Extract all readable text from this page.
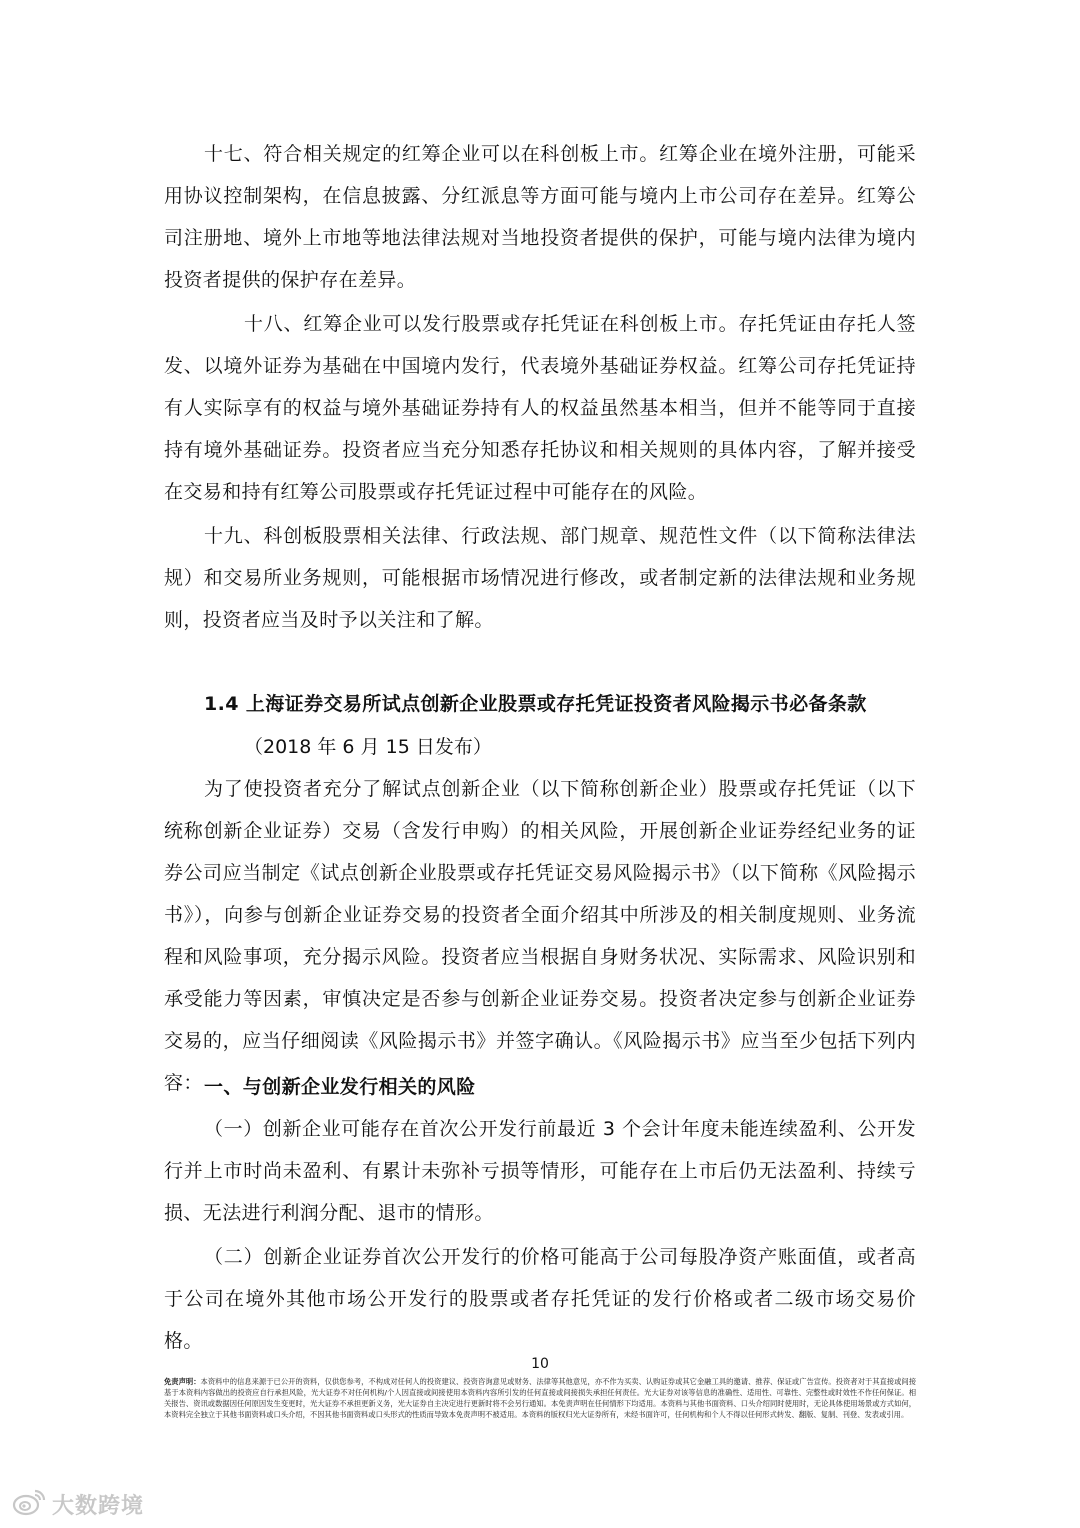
十七、符合相关规定的红筹企业可以在科创板上市。红筹企业在境外注册，可能采用协议控制架构，在信息披露、分红派息等方面可能与境内上市公司存在差异。红筹公司注册地、境外上市地等地法律法规对当地投资者提供的保护，可能与境内法律为境内投资者提供的保护存在差异。

十八、红筹企业可以发行股票或存托凭证在科创板上市。存托凭证由存托人签发、以境外证券为基础在中国境内发行，代表境外基础证券权益。红筹公司存托凭证持有人实际享有的权益与境外基础证券持有人的权益虽然基本相当，但并不能等同于直接持有境外基础证券。投资者应当充分知悉存托协议和相关规则的具体内容，了解并接受在交易和持有红筹公司股票或存托凭证过程中可能存在的风险。

十九、科创板股票相关法律、行政法规、部门规章、规范性文件（以下简称法律法规）和交易所业务规则，可能根据市场情况进行修改，或者制定新的法律法规和业务规则，投资者应当及时予以关注和了解。

1.4 上海证券交易所试点创新企业股票或存托凭证投资者风险揭示书必备条款

（2018 年 6 月 15 日发布）

为了使投资者充分了解试点创新企业（以下简称创新企业）股票或存托凭证（以下统称创新企业证券）交易（含发行申购）的相关风险，开展创新企业证券经纪业务的证券公司应当制定《试点创新企业股票或存托凭证交易风险揭示书》（以下简称《风险揭示书》），向参与创新企业证券交易的投资者全面介绍其中所涉及的相关制度规则、业务流程和风险事项，充分揭示风险。投资者应当根据自身财务状况、实际需求、风险识别和承受能力等因素，审慎决定是否参与创新企业证券交易。投资者决定参与创新企业证券交易的，应当仔细阅读《风险揭示书》并签字确认。《风险揭示书》应当至少包括下列内容： 一、与创新企业发行相关的风险

（一）创新企业可能存在首次公开发行前最近 3 个会计年度未能连续盈利、公开发行并上市时尚未盈利、有累计未弥补亏损等情形，可能存在上市后仍无法盈利、持续亏损、无法进行利润分配、退市的情形。

（二）创新企业证券首次公开发行的价格可能高于公司每股净资产账面值，或者高于公司在境外其他市场公开发行的股票或者存托凭证的发行价格或者二级市场交易价格。

10

免责声明：本资料中的信息来源于已公开的资料，仅供您参考，不构成对任何人的投资建议、投资咨询意见或财务、法律等其他意见，亦不作为买卖、认购证券或其它金融工具的邀请、推荐、保证或广告宣传。投资者对于其直接或间接基于本资料内容做出的投资应自行承担风险，光大证券不对任何机构/个人因直接或间接使用本资料内容所引发的任何直接或间接损失承担任何责任。光大证券对该等信息的准确性、适用性、可靠性、完整性或时效性不作任何保证。相关报告、资讯或数据因任何原因发生变更时，光大证券不承担更新义务，光大证券自主决定进行更新时将不会另行通知。本免责声明在任何情形下均适用。本资料与其他书面资料、口头介绍同时使用时，无论具体使用场景或方式如何，本资料完全独立于其他书面资料或口头介绍，不因其他书面资料或口头形式的性质而导致本免责声明不被适用。本资料的版权归光大证券所有，未经书面许可，任何机构和个人不得以任何形式转发、翻版、复制、刊登、发表或引用。

大数跨境
